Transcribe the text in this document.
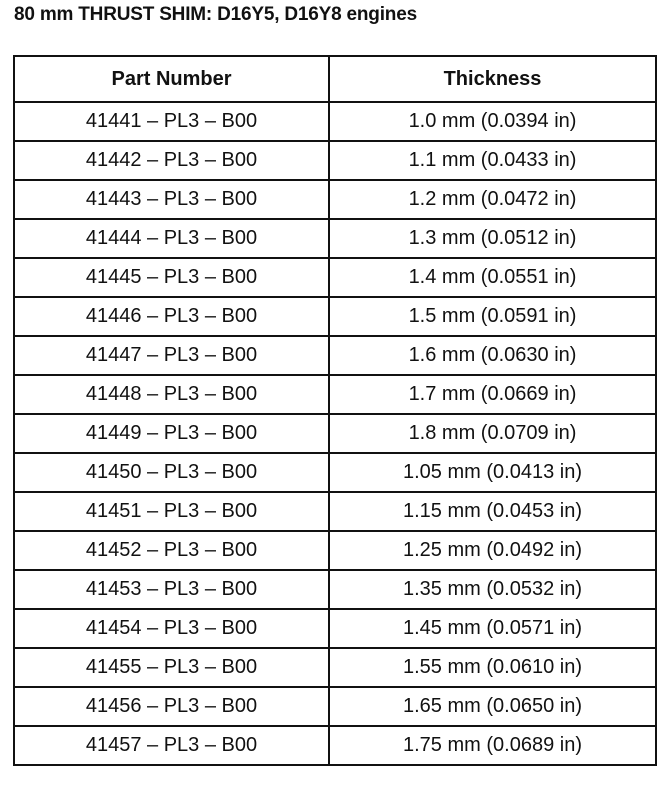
80 mm THRUST SHIM: D16Y5, D16Y8 engines
Part Number	Thickness
41441 – PL3 – B00	1.0 mm (0.0394 in)
41442 – PL3 – B00	1.1 mm (0.0433 in)
41443 – PL3 – B00	1.2 mm (0.0472 in)
41444 – PL3 – B00	1.3 mm (0.0512 in)
41445 – PL3 – B00	1.4 mm (0.0551 in)
41446 – PL3 – B00	1.5 mm (0.0591 in)
41447 – PL3 – B00	1.6 mm (0.0630 in)
41448 – PL3 – B00	1.7 mm (0.0669 in)
41449 – PL3 – B00	1.8 mm (0.0709 in)
41450 – PL3 – B00	1.05 mm (0.0413 in)
41451 – PL3 – B00	1.15 mm (0.0453 in)
41452 – PL3 – B00	1.25 mm (0.0492 in)
41453 – PL3 – B00	1.35 mm (0.0532 in)
41454 – PL3 – B00	1.45 mm (0.0571 in)
41455 – PL3 – B00	1.55 mm (0.0610 in)
41456 – PL3 – B00	1.65 mm (0.0650 in)
41457 – PL3 – B00	1.75 mm (0.0689 in)
